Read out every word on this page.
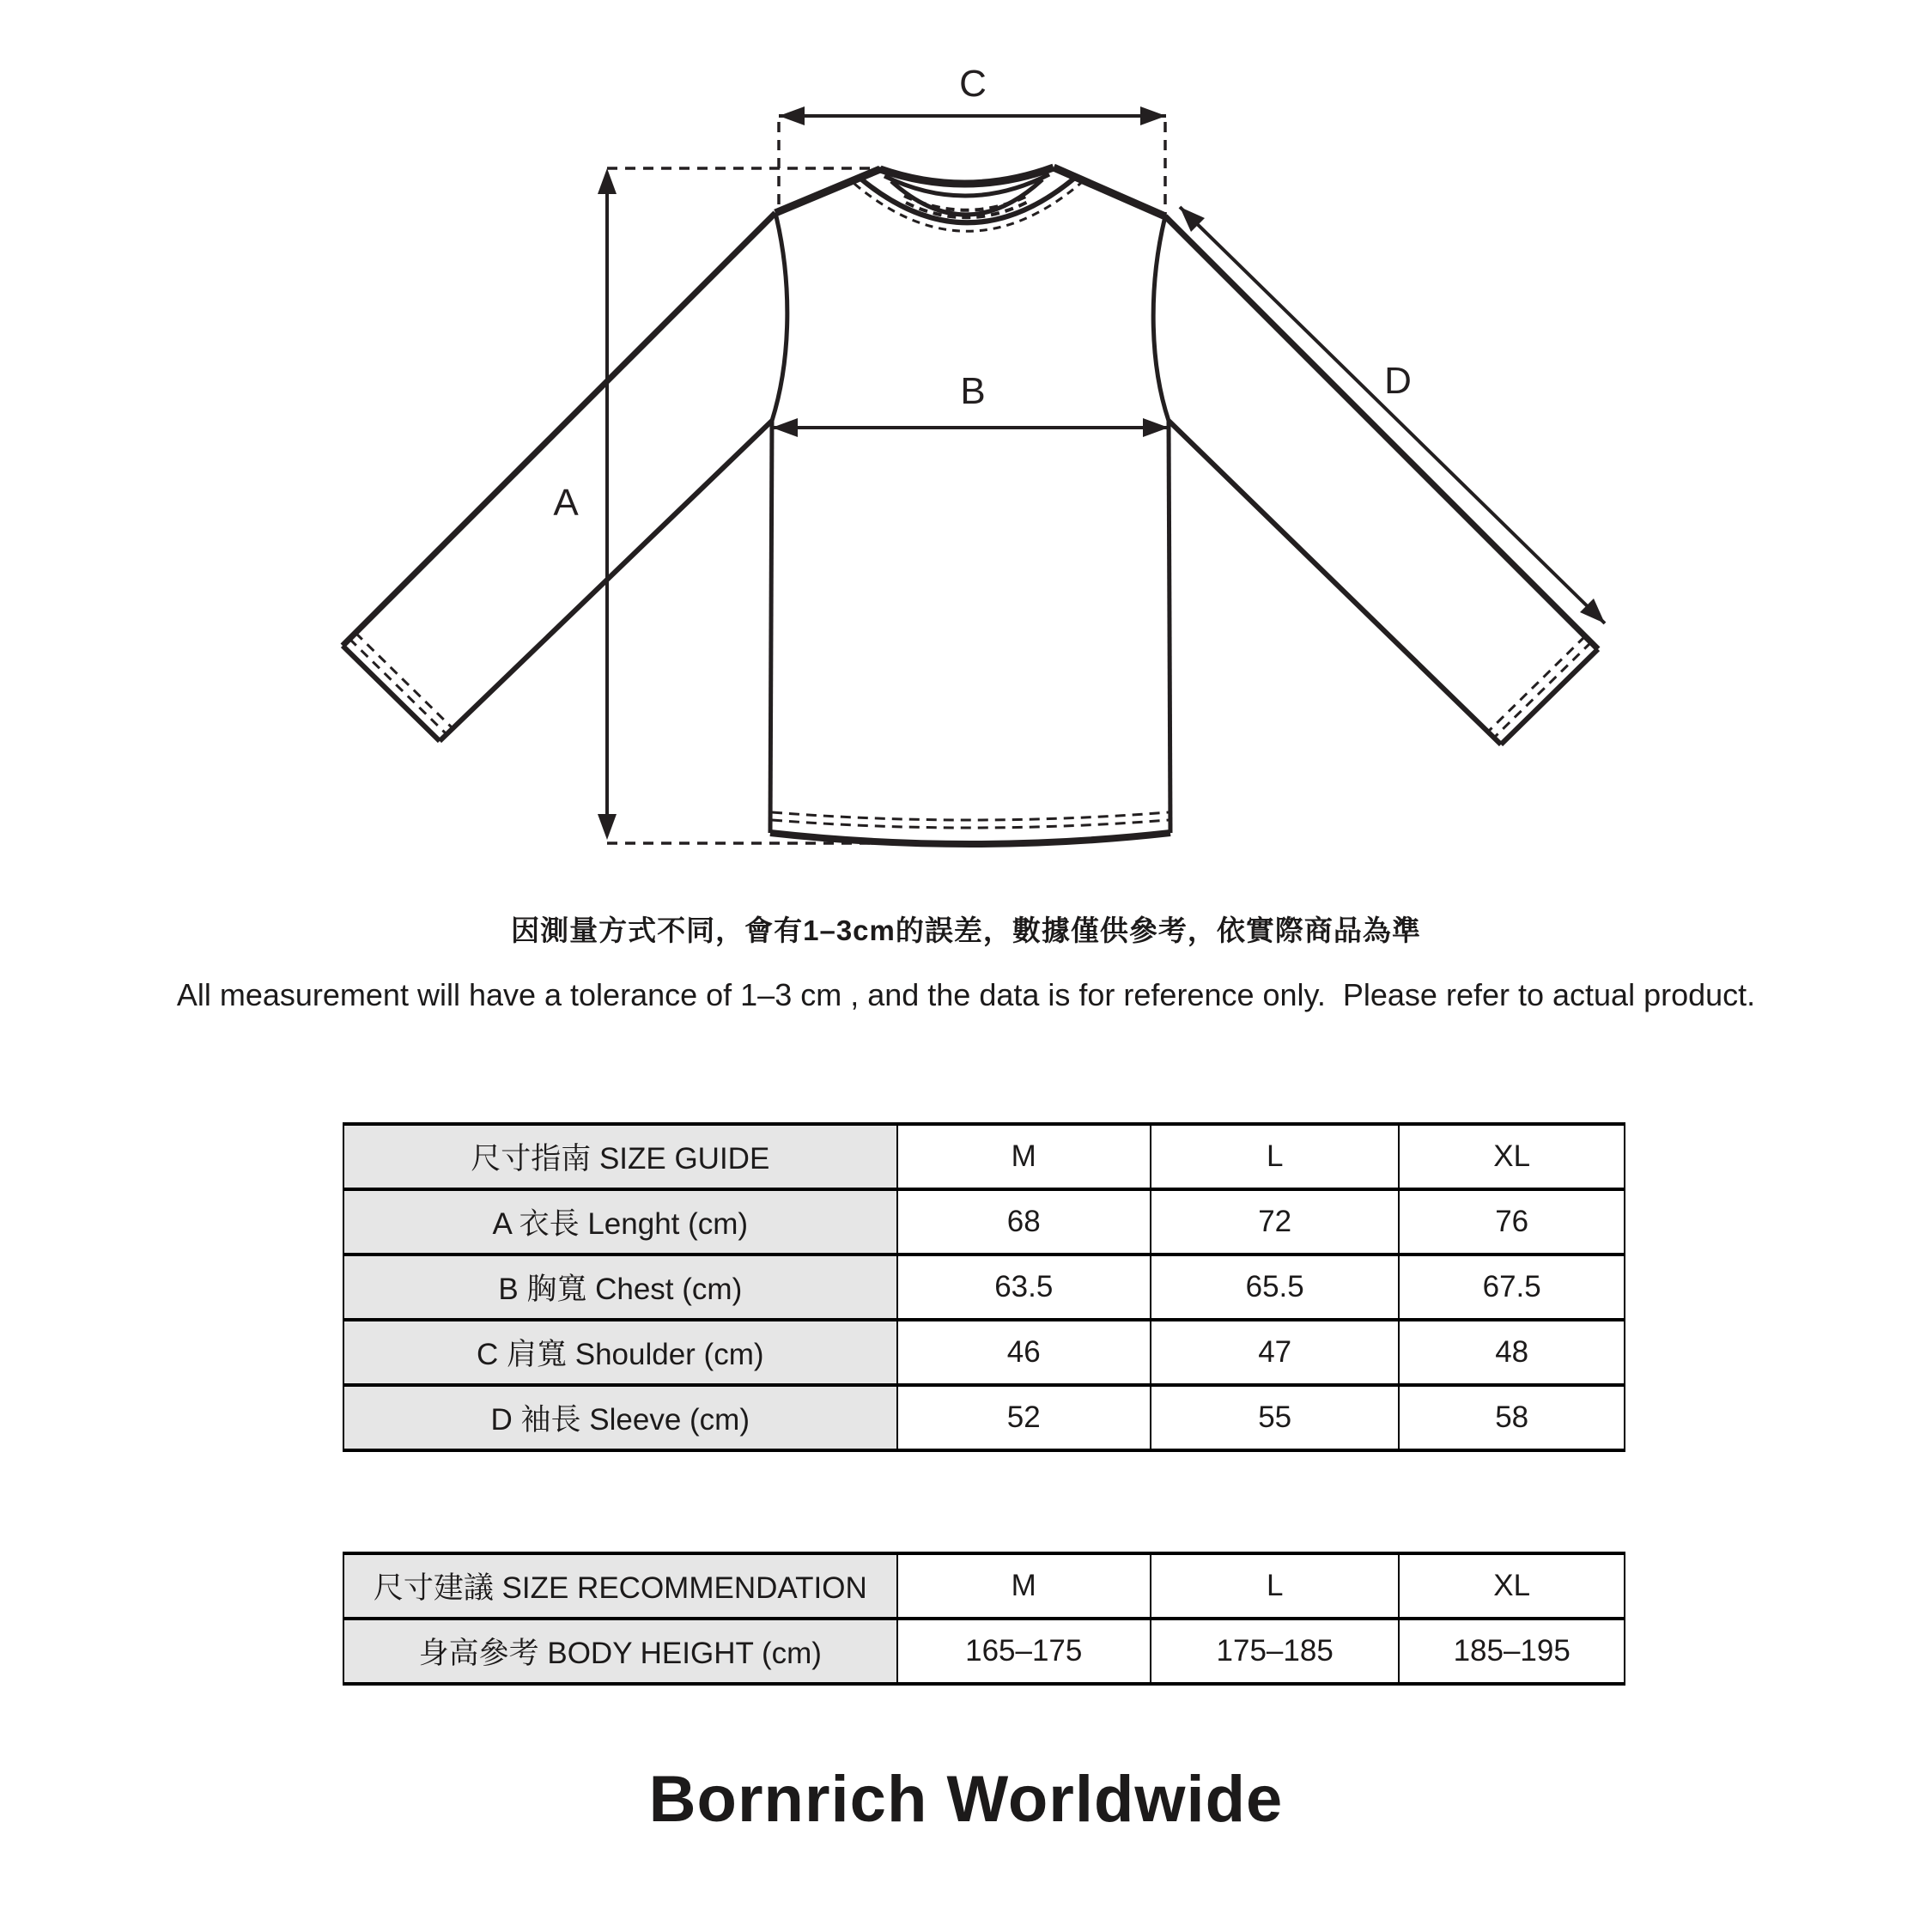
C
A
B	D
因測量方式不同，會有1–3cm的誤差，數據僅供參考，依實際商品為準
All measurement will have a tolerance of 1–3 cm , and the data is for reference only.  Please refer to actual product.
尺寸指南 SIZE GUIDE	M	L	XL
A 衣長 Lenght (cm)	68	72	76
B 胸寬 Chest (cm)	63.5	65.5	67.5
C 肩寬 Shoulder (cm)	46	47	48
D 袖長 Sleeve (cm)	52	55	58
尺寸建議 SIZE RECOMMENDATION	M	L	XL
身高參考 BODY HEIGHT (cm)	165–175	175–185	185–195
Bornrich Worldwide
